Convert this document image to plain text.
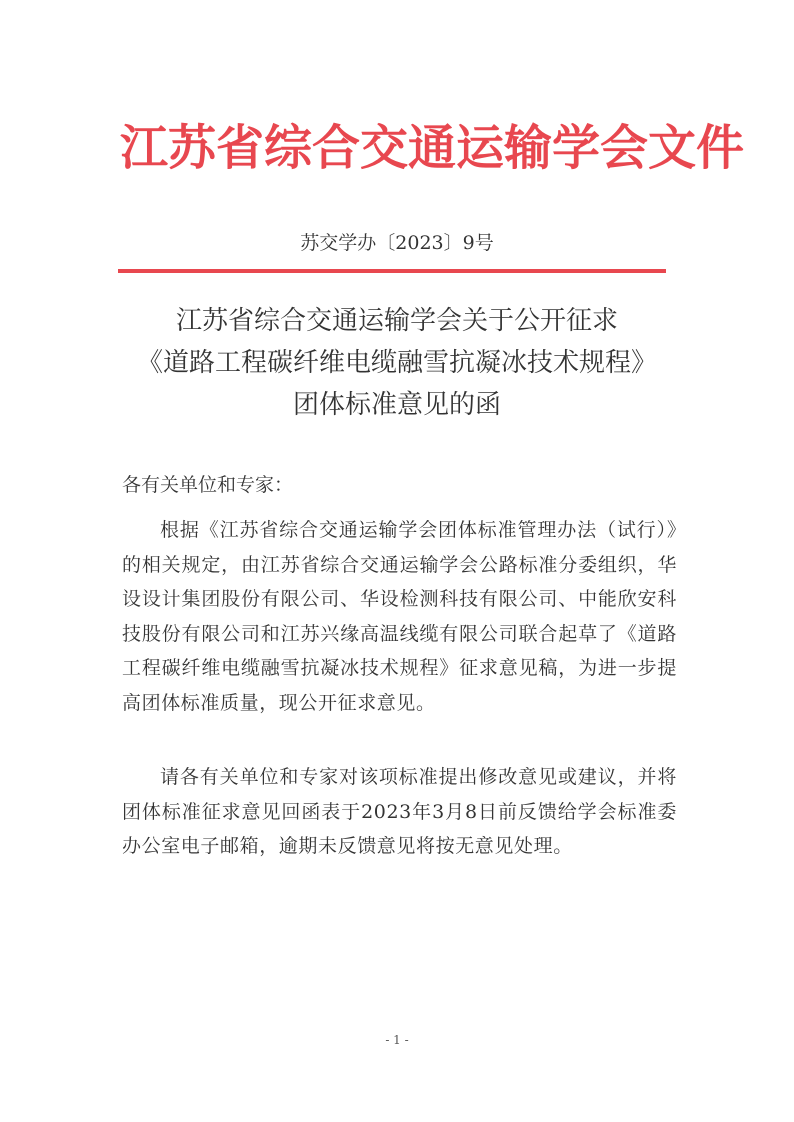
江苏省综合交通运输学会文件
苏交学办〔2023〕9号
江苏省综合交通运输学会关于公开征求
《道路工程碳纤维电缆融雪抗凝冰技术规程》
团体标准意见的函
各有关单位和专家：
根据《江苏省综合交通运输学会团体标准管理办法（试行）》的相关规定，由江苏省综合交通运输学会公路标准分委组织，华设设计集团股份有限公司、华设检测科技有限公司、中能欣安科技股份有限公司和江苏兴缘高温线缆有限公司联合起草了《道路工程碳纤维电缆融雪抗凝冰技术规程》征求意见稿，为进一步提高团体标准质量，现公开征求意见。
请各有关单位和专家对该项标准提出修改意见或建议，并将团体标准征求意见回函表于2023年3月8日前反馈给学会标准委办公室电子邮箱，逾期未反馈意见将按无意见处理。
- 1 -
